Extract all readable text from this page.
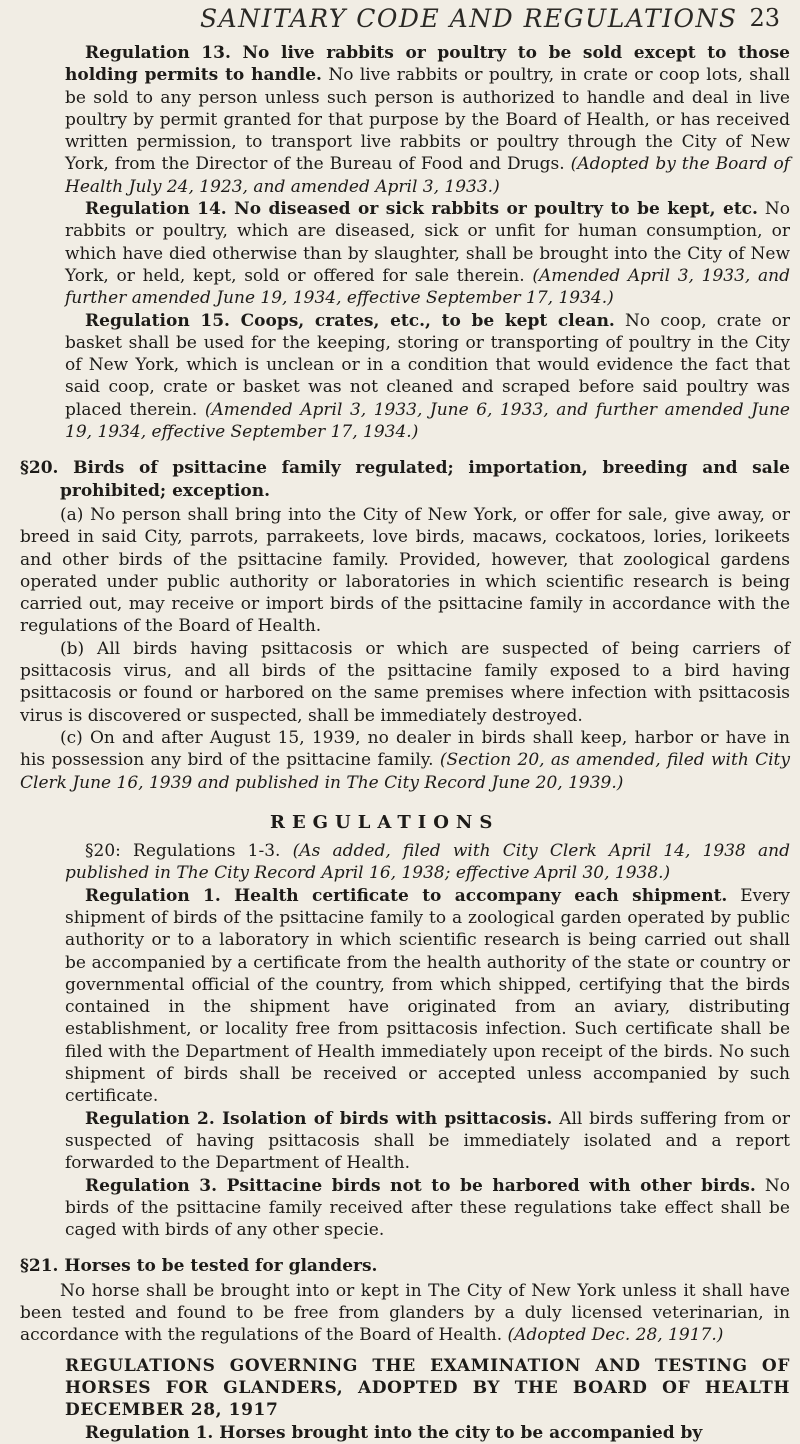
SANITARY CODE AND REGULATIONS 23

Regulation 13. No live rabbits or poultry to be sold except to those holding permits to handle. No live rabbits or poultry, in crate or coop lots, shall be sold to any person unless such person is authorized to handle and deal in live poultry by permit granted for that purpose by the Board of Health, or has received written permission, to transport live rabbits or poultry through the City of New York, from the Director of the Bureau of Food and Drugs. (Adopted by the Board of Health July 24, 1923, and amended April 3, 1933.)

Regulation 14. No diseased or sick rabbits or poultry to be kept, etc. No rabbits or poultry, which are diseased, sick or unfit for human consumption, or which have died otherwise than by slaughter, shall be brought into the City of New York, or held, kept, sold or offered for sale therein. (Amended April 3, 1933, and further amended June 19, 1934, effective September 17, 1934.)

Regulation 15. Coops, crates, etc., to be kept clean. No coop, crate or basket shall be used for the keeping, storing or transporting of poultry in the City of New York, which is unclean or in a condition that would evidence the fact that said coop, crate or basket was not cleaned and scraped before said poultry was placed therein. (Amended April 3, 1933, June 6, 1933, and further amended June 19, 1934, effective September 17, 1934.)

§20. Birds of psittacine family regulated; importation, breeding and sale prohibited; exception.

(a) No person shall bring into the City of New York, or offer for sale, give away, or breed in said City, parrots, parrakeets, love birds, macaws, cockatoos, lories, lorikeets and other birds of the psittacine family. Provided, however, that zoological gardens operated under public authority or laboratories in which scientific research is being carried out, may receive or import birds of the psittacine family in accordance with the regulations of the Board of Health.

(b) All birds having psittacosis or which are suspected of being carriers of psittacosis virus, and all birds of the psittacine family exposed to a bird having psittacosis or found or harbored on the same premises where infection with psittacosis virus is discovered or suspected, shall be immediately destroyed.

(c) On and after August 15, 1939, no dealer in birds shall keep, harbor or have in his possession any bird of the psittacine family. (Section 20, as amended, filed with City Clerk June 16, 1939 and published in The City Record June 20, 1939.)

REGULATIONS

§20: Regulations 1-3. (As added, filed with City Clerk April 14, 1938 and published in The City Record April 16, 1938; effective April 30, 1938.)

Regulation 1. Health certificate to accompany each shipment. Every shipment of birds of the psittacine family to a zoological garden operated by public authority or to a laboratory in which scientific research is being carried out shall be accompanied by a certificate from the health authority of the state or country or governmental official of the country, from which shipped, certifying that the birds contained in the shipment have originated from an aviary, distributing establishment, or locality free from psittacosis infection. Such certificate shall be filed with the Department of Health immediately upon receipt of the birds. No such shipment of birds shall be received or accepted unless accompanied by such certificate.

Regulation 2. Isolation of birds with psittacosis. All birds suffering from or suspected of having psittacosis shall be immediately isolated and a report forwarded to the Department of Health.

Regulation 3. Psittacine birds not to be harbored with other birds. No birds of the psittacine family received after these regulations take effect shall be caged with birds of any other specie.

§21. Horses to be tested for glanders.

No horse shall be brought into or kept in The City of New York unless it shall have been tested and found to be free from glanders by a duly licensed veterinarian, in accordance with the regulations of the Board of Health. (Adopted Dec. 28, 1917.)

REGULATIONS GOVERNING THE EXAMINATION AND TESTING OF HORSES FOR GLANDERS, ADOPTED BY THE BOARD OF HEALTH DECEMBER 28, 1917

Regulation 1. Horses brought into the city to be accompanied by
